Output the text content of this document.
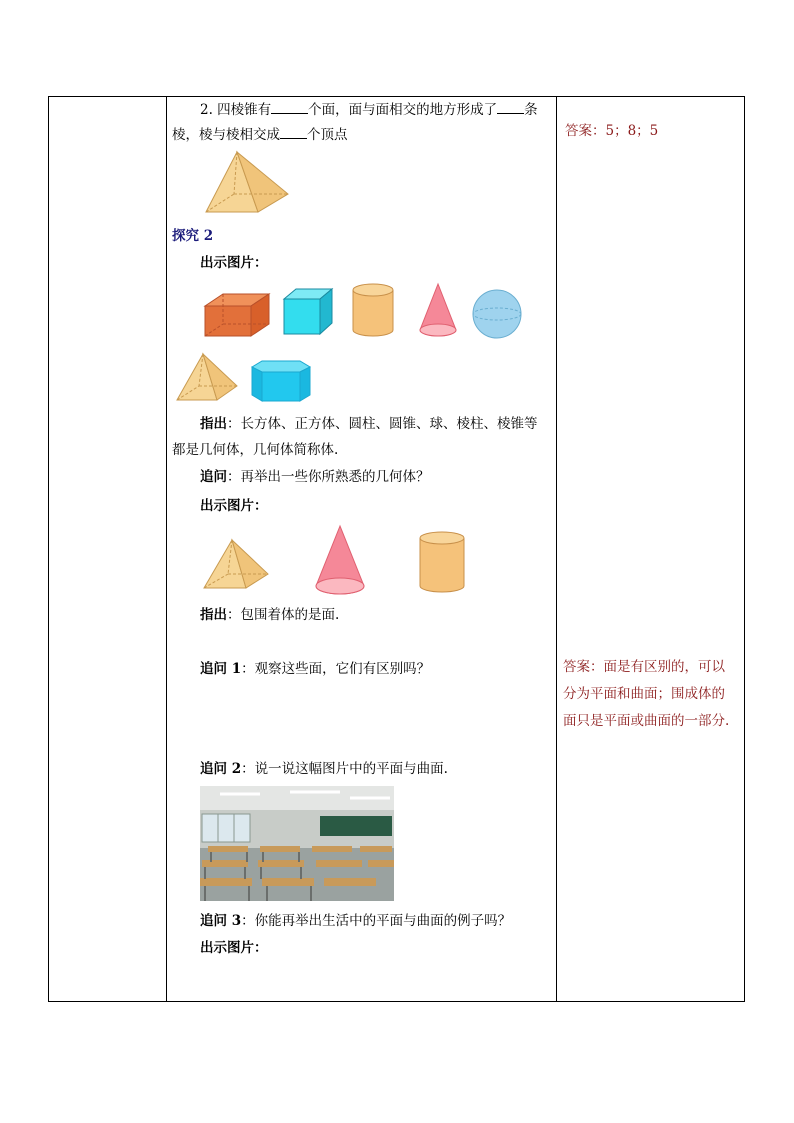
2. 四棱锥有	个面，面与面相交的地方形成了 条
棱，棱与棱相交成 个顶点	答案：5；8；5
探究 2
出示图片：
指出：长方体、正方体、圆柱、圆锥、球、棱柱、棱锥等
都是几何体，几何体简称体.
追问：再举出一些你所熟悉的几何体？
出示图片：
指出：包围着体的是面.
追问 1：观察这些面，它们有区别吗？	答案：面是有区别的，可以
分为平面和曲面；围成体的
面只是平面或曲面的一部分.
追问 2：说一说这幅图片中的平面与曲面.
追问 3：你能再举出生活中的平面与曲面的例子吗？
出示图片：
